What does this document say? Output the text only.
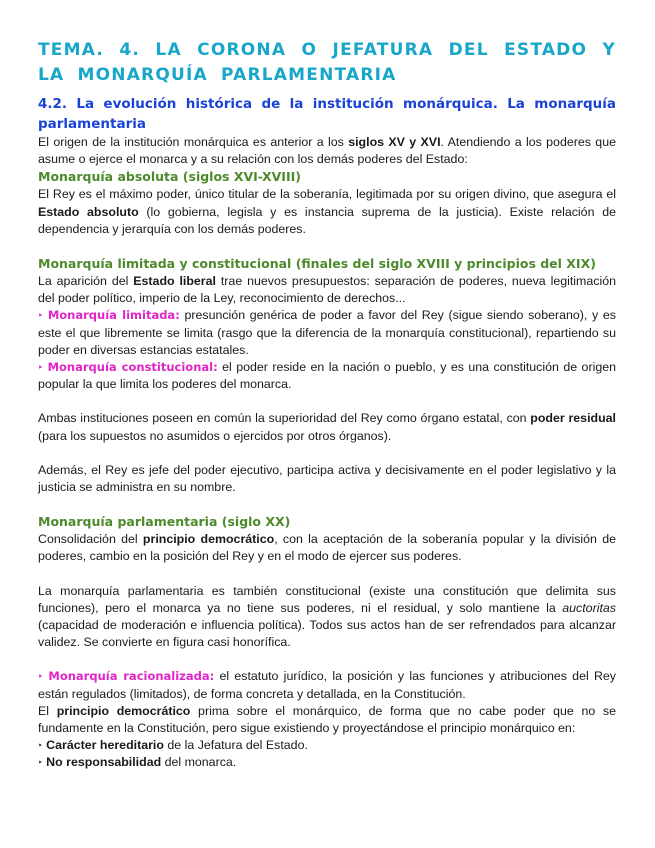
TEMA. 4. LA CORONA O JEFATURA DEL ESTADO Y LA MONARQUÍA PARLAMENTARIA
4.2. La evolución histórica de la institución monárquica. La monarquía parlamentaria

El origen de la institución monárquica es anterior a los siglos XV y XVI. Atendiendo a los poderes que asume o ejerce el monarca y a su relación con los demás poderes del Estado:

Monarquía absoluta (siglos XVI-XVIII)

El Rey es el máximo poder, único titular de la soberanía, legitimada por su origen divino, que asegura el Estado absoluto (lo gobierna, legisla y es instancia suprema de la justicia). Existe relación de dependencia y jerarquía con los demás poderes.

Monarquía limitada y constitucional (finales del siglo XVIII y principios del XIX)

La aparición del Estado liberal trae nuevos presupuestos: separación de poderes, nueva legitimación del poder político, imperio de la Ley, reconocimiento de derechos...

‣ Monarquía limitada: presunción genérica de poder a favor del Rey (sigue siendo soberano), y es este el que libremente se limita (rasgo que la diferencia de la monarquía constitucional), repartiendo su poder en diversas estancias estatales.

‣ Monarquía constitucional: el poder reside en la nación o pueblo, y es una constitución de origen popular la que limita los poderes del monarca.

Ambas instituciones poseen en común la superioridad del Rey como órgano estatal, con poder residual (para los supuestos no asumidos o ejercidos por otros órganos).

Además, el Rey es jefe del poder ejecutivo, participa activa y decisivamente en el poder legislativo y la justicia se administra en su nombre.

Monarquía parlamentaria (siglo XX)

Consolidación del principio democrático, con la aceptación de la soberanía popular y la división de poderes, cambio en la posición del Rey y en el modo de ejercer sus poderes.

La monarquía parlamentaria es también constitucional (existe una constitución que delimita sus funciones), pero el monarca ya no tiene sus poderes, ni el residual, y solo mantiene la auctoritas (capacidad de moderación e influencia política). Todos sus actos han de ser refrendados para alcanzar validez. Se convierte en figura casi honorífica.

‣ Monarquía racionalizada: el estatuto jurídico, la posición y las funciones y atribuciones del Rey están regulados (limitados), de forma concreta y detallada, en la Constitución.

El principio democrático prima sobre el monárquico, de forma que no cabe poder que no se fundamente en la Constitución, pero sigue existiendo y proyectándose el principio monárquico en:

‣ Carácter hereditario de la Jefatura del Estado.

‣ No responsabilidad del monarca.
